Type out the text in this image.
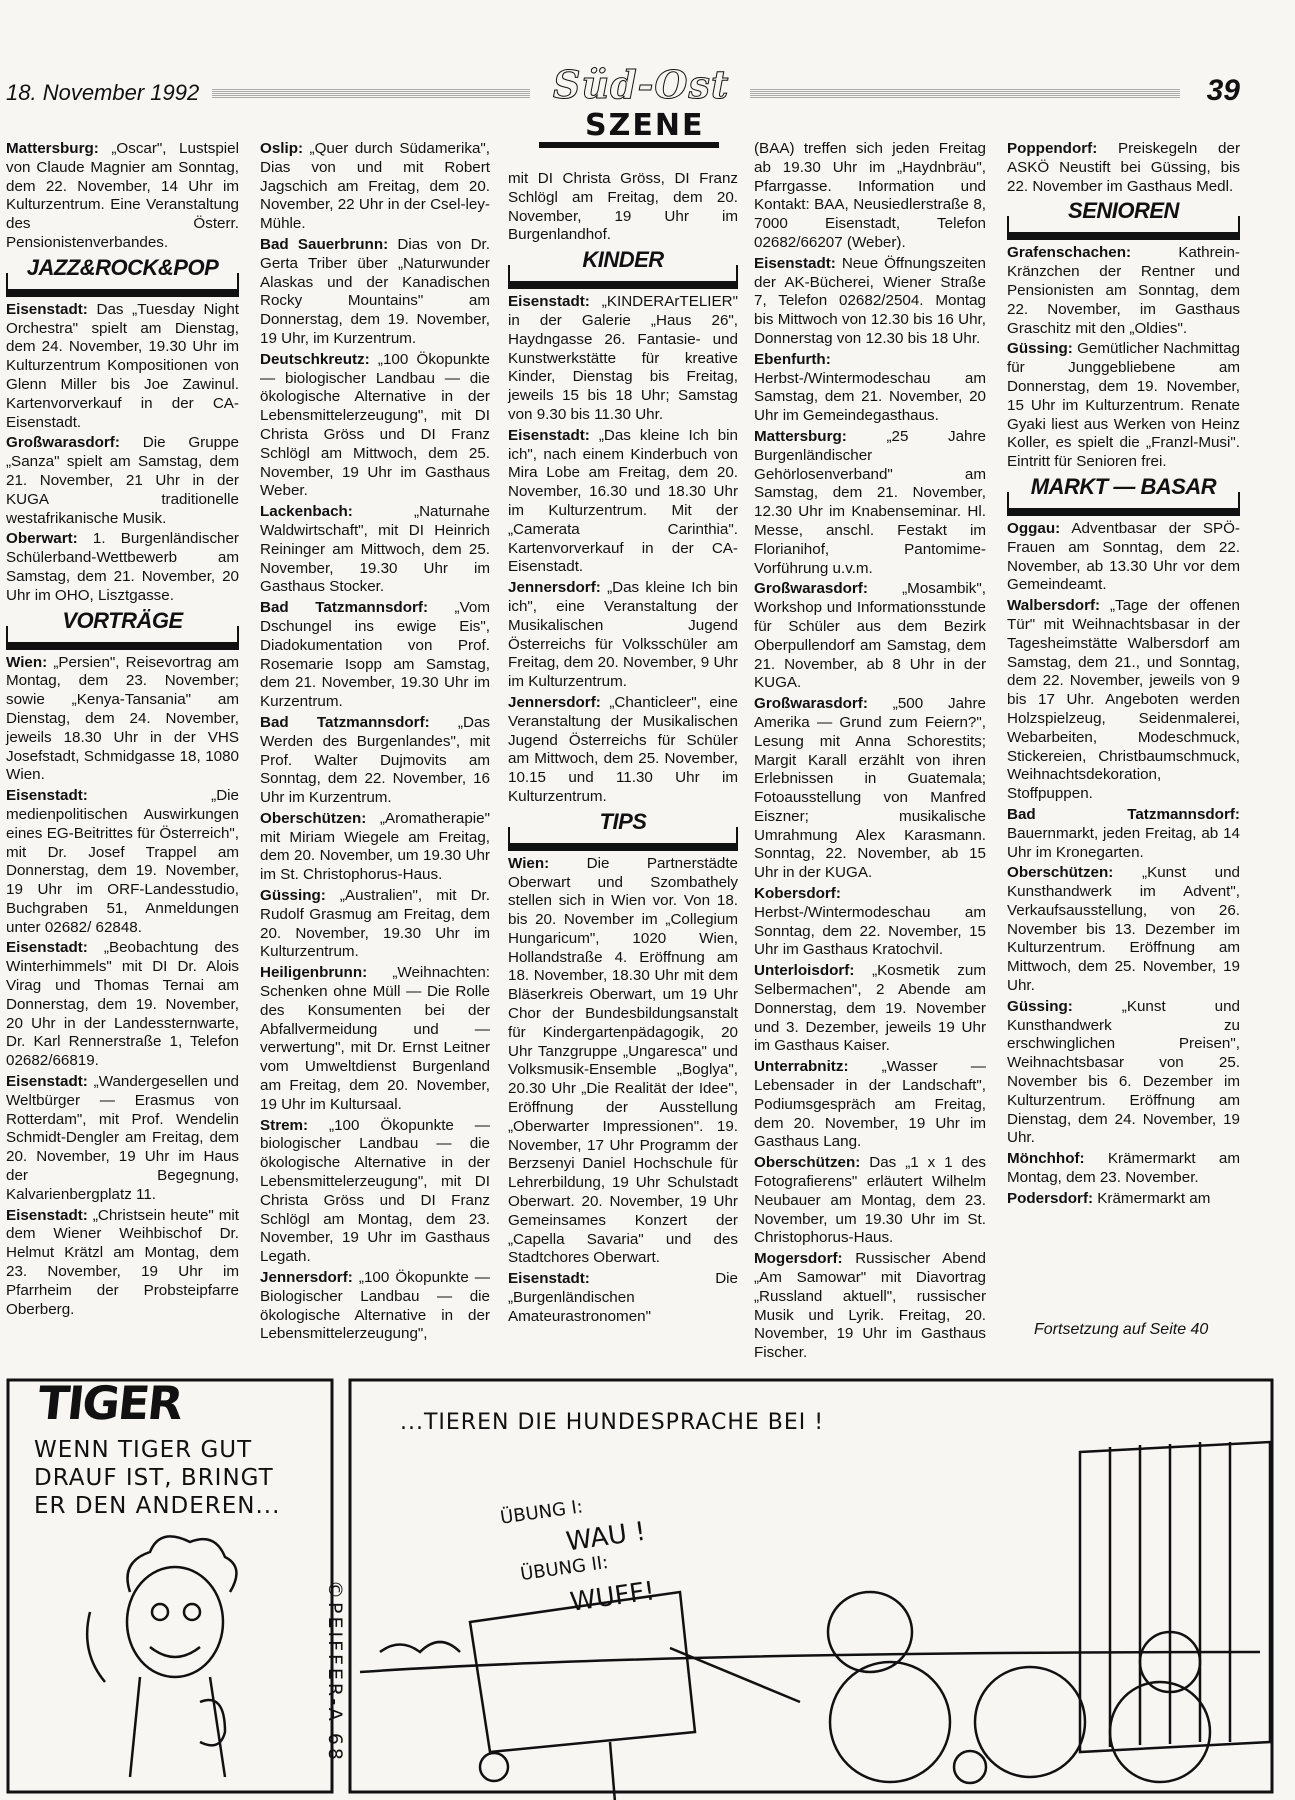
18. November 1992	39
Süd-Ost
SZENE

Mattersburg: „Oscar", Lustspiel von Claude Magnier am Sonntag, dem 22. November, 14 Uhr im Kulturzentrum. Eine Veranstaltung des Österr. Pensionistenverbandes.

JAZZ&ROCK&POP

Eisenstadt: Das „Tuesday Night Orchestra" spielt am Dienstag, dem 24. November, 19.30 Uhr im Kulturzentrum Kompositionen von Glenn Miller bis Joe Zawinul. Kartenvorverkauf in der CA-Eisenstadt.

Großwarasdorf: Die Gruppe „Sanza" spielt am Samstag, dem 21. November, 21 Uhr in der KUGA traditionelle westafrikanische Musik.

Oberwart: 1. Burgenländischer Schülerband-Wettbewerb am Samstag, dem 21. November, 20 Uhr im OHO, Lisztgasse.

VORTRÄGE

Wien: „Persien", Reisevortrag am Montag, dem 23. November; sowie „Kenya-Tansania" am Dienstag, dem 24. November, jeweils 18.30 Uhr in der VHS Josefstadt, Schmidgasse 18, 1080 Wien.

Eisenstadt: „Die medienpolitischen Auswirkungen eines EG-Beitrittes für Österreich", mit Dr. Josef Trappel am Donnerstag, dem 19. November, 19 Uhr im ORF-Landesstudio, Buchgraben 51, Anmeldungen unter 02682/ 62848.

Eisenstadt: „Beobachtung des Winterhimmels" mit DI Dr. Alois Virag und Thomas Ternai am Donnerstag, dem 19. November, 20 Uhr in der Landessternwarte, Dr. Karl Rennerstraße 1, Telefon 02682/66819.

Eisenstadt: „Wandergesellen und Weltbürger — Erasmus von Rotterdam", mit Prof. Wendelin Schmidt-Dengler am Freitag, dem 20. November, 19 Uhr im Haus der Begegnung, Kalvarienbergplatz 11.

Eisenstadt: „Christsein heute" mit dem Wiener Weihbischof Dr. Helmut Krätzl am Montag, dem 23. November, 19 Uhr im Pfarrheim der Probsteipfarre Oberberg.

Oslip: „Quer durch Südamerika", Dias von und mit Robert Jagschich am Freitag, dem 20. November, 22 Uhr in der Csel-ley-Mühle.

Bad Sauerbrunn: Dias von Dr. Gerta Triber über „Naturwunder Alaskas und der Kanadischen Rocky Mountains" am Donnerstag, dem 19. November, 19 Uhr, im Kurzentrum.

Deutschkreutz: „100 Ökopunkte — biologischer Landbau — die ökologische Alternative in der Lebensmittelerzeugung", mit DI Christa Gröss und DI Franz Schlögl am Mittwoch, dem 25. November, 19 Uhr im Gasthaus Weber.

Lackenbach: „Naturnahe Waldwirtschaft", mit DI Heinrich Reininger am Mittwoch, dem 25. November, 19.30 Uhr im Gasthaus Stocker.

Bad Tatzmannsdorf: „Vom Dschungel ins ewige Eis", Diadokumentation von Prof. Rosemarie Isopp am Samstag, dem 21. November, 19.30 Uhr im Kurzentrum.

Bad Tatzmannsdorf: „Das Werden des Burgenlandes", mit Prof. Walter Dujmovits am Sonntag, dem 22. November, 16 Uhr im Kurzentrum.

Oberschützen: „Aromatherapie" mit Miriam Wiegele am Freitag, dem 20. November, um 19.30 Uhr im St. Christophorus-Haus.

Güssing: „Australien", mit Dr. Rudolf Grasmug am Freitag, dem 20. November, 19.30 Uhr im Kulturzentrum.

Heiligenbrunn: „Weihnachten: Schenken ohne Müll — Die Rolle des Konsumenten bei der Abfallvermeidung und —verwertung", mit Dr. Ernst Leitner vom Umweltdienst Burgenland am Freitag, dem 20. November, 19 Uhr im Kultursaal.

Strem: „100 Ökopunkte — biologischer Landbau — die ökologische Alternative in der Lebensmittelerzeugung", mit DI Christa Gröss und DI Franz Schlögl am Montag, dem 23. November, 19 Uhr im Gasthaus Legath.

Jennersdorf: „100 Ökopunkte — Biologischer Landbau — die ökologische Alternative in der Lebensmittelerzeugung",

mit DI Christa Gröss, DI Franz Schlögl am Freitag, dem 20. November, 19 Uhr im Burgenlandhof.

KINDER

Eisenstadt: „KINDERArTELIER" in der Galerie „Haus 26", Haydngasse 26. Fantasie- und Kunstwerkstätte für kreative Kinder, Dienstag bis Freitag, jeweils 15 bis 18 Uhr; Samstag von 9.30 bis 11.30 Uhr.

Eisenstadt: „Das kleine Ich bin ich", nach einem Kinderbuch von Mira Lobe am Freitag, dem 20. November, 16.30 und 18.30 Uhr im Kulturzentrum. Mit der „Camerata Carinthia". Kartenvorverkauf in der CA-Eisenstadt.

Jennersdorf: „Das kleine Ich bin ich", eine Veranstaltung der Musikalischen Jugend Österreichs für Volksschüler am Freitag, dem 20. November, 9 Uhr im Kulturzentrum.

Jennersdorf: „Chanticleer", eine Veranstaltung der Musikalischen Jugend Österreichs für Schüler am Mittwoch, dem 25. November, 10.15 und 11.30 Uhr im Kulturzentrum.

TIPS

Wien: Die Partnerstädte Oberwart und Szombathely stellen sich in Wien vor. Von 18. bis 20. November im „Collegium Hungaricum", 1020 Wien, Hollandstraße 4. Eröffnung am 18. November, 18.30 Uhr mit dem Bläserkreis Oberwart, um 19 Uhr Chor der Bundesbildungsanstalt für Kindergartenpädagogik, 20 Uhr Tanzgruppe „Ungaresca" und Volksmusik-Ensemble „Boglya", 20.30 Uhr „Die Realität der Idee", Eröffnung der Ausstellung „Oberwarter Impressionen". 19. November, 17 Uhr Programm der Berzsenyi Daniel Hochschule für Lehrerbildung, 19 Uhr Schulstadt Oberwart. 20. November, 19 Uhr Gemeinsames Konzert der „Capella Savaria" und des Stadtchores Oberwart.

Eisenstadt: Die „Burgenländischen Amateurastronomen"

(BAA) treffen sich jeden Freitag ab 19.30 Uhr im „Haydnbräu", Pfarrgasse. Information und Kontakt: BAA, Neusiedlerstraße 8, 7000 Eisenstadt, Telefon 02682/66207 (Weber).

Eisenstadt: Neue Öffnungszeiten der AK-Bücherei, Wiener Straße 7, Telefon 02682/2504. Montag bis Mittwoch von 12.30 bis 16 Uhr, Donnerstag von 12.30 bis 18 Uhr.

Ebenfurth: Herbst-/Wintermodeschau am Samstag, dem 21. November, 20 Uhr im Gemeindegasthaus.

Mattersburg: „25 Jahre Burgenländischer Gehörlosenverband" am Samstag, dem 21. November, 12.30 Uhr im Knabenseminar. Hl. Messe, anschl. Festakt im Florianihof, Pantomime-Vorführung u.v.m.

Großwarasdorf: „Mosambik", Workshop und Informationsstunde für Schüler aus dem Bezirk Oberpullendorf am Samstag, dem 21. November, ab 8 Uhr in der KUGA.

Großwarasdorf: „500 Jahre Amerika — Grund zum Feiern?", Lesung mit Anna Schorestits; Margit Karall erzählt von ihren Erlebnissen in Guatemala; Fotoausstellung von Manfred Eiszner; musikalische Umrahmung Alex Karasmann. Sonntag, 22. November, ab 15 Uhr in der KUGA.

Kobersdorf: Herbst-/Wintermodeschau am Sonntag, dem 22. November, 15 Uhr im Gasthaus Kratochvil.

Unterloisdorf: „Kosmetik zum Selbermachen", 2 Abende am Donnerstag, dem 19. November und 3. Dezember, jeweils 19 Uhr im Gasthaus Kaiser.

Unterrabnitz: „Wasser — Lebensader in der Landschaft", Podiumsgespräch am Freitag, dem 20. November, 19 Uhr im Gasthaus Lang.

Oberschützen: Das „1 x 1 des Fotografierens" erläutert Wilhelm Neubauer am Montag, dem 23. November, um 19.30 Uhr im St. Christophorus-Haus.

Mogersdorf: Russischer Abend „Am Samowar" mit Diavortrag „Russland aktuell", russischer Musik und Lyrik. Freitag, 20. November, 19 Uhr im Gasthaus Fischer.

Poppendorf: Preiskegeln der ASKÖ Neustift bei Güssing, bis 22. November im Gasthaus Medl.

SENIOREN

Grafenschachen: Kathrein-Kränzchen der Rentner und Pensionisten am Sonntag, dem 22. November, im Gasthaus Graschitz mit den „Oldies".

Güssing: Gemütlicher Nachmittag für Junggebliebene am Donnerstag, dem 19. November, 15 Uhr im Kulturzentrum. Renate Gyaki liest aus Werken von Heinz Koller, es spielt die „Franzl-Musi". Eintritt für Senioren frei.

MARKT — BASAR

Oggau: Adventbasar der SPÖ-Frauen am Sonntag, dem 22. November, ab 13.30 Uhr vor dem Gemeindeamt.

Walbersdorf: „Tage der offenen Tür" mit Weihnachtsbasar in der Tagesheimstätte Walbersdorf am Samstag, dem 21., und Sonntag, dem 22. November, jeweils von 9 bis 17 Uhr. Angeboten werden Holzspielzeug, Seidenmalerei, Webarbeiten, Modeschmuck, Stickereien, Christbaumschmuck, Weihnachtsdekoration, Stoffpuppen.

Bad Tatzmannsdorf: Bauernmarkt, jeden Freitag, ab 14 Uhr im Kronegarten.

Oberschützen: „Kunst und Kunsthandwerk im Advent", Verkaufsausstellung, von 26. November bis 13. Dezember im Kulturzentrum. Eröffnung am Mittwoch, dem 25. November, 19 Uhr.

Güssing: „Kunst und Kunsthandwerk zu erschwinglichen Preisen", Weihnachtsbasar von 25. November bis 6. Dezember im Kulturzentrum. Eröffnung am Dienstag, dem 24. November, 19 Uhr.

Mönchhof: Krämermarkt am Montag, dem 23. November.

Podersdorf: Krämermarkt am

Fortsetzung auf Seite 40
TIGER
WENN TIGER GUT
DRAUF IST, BRINGT
ER DEN ANDEREN...
...TIEREN DIE HUNDESPRACHE BEI !
ÜBUNG I:
WAU !
ÜBUNG II:
WUFF!
©PEIFFER-A 68
